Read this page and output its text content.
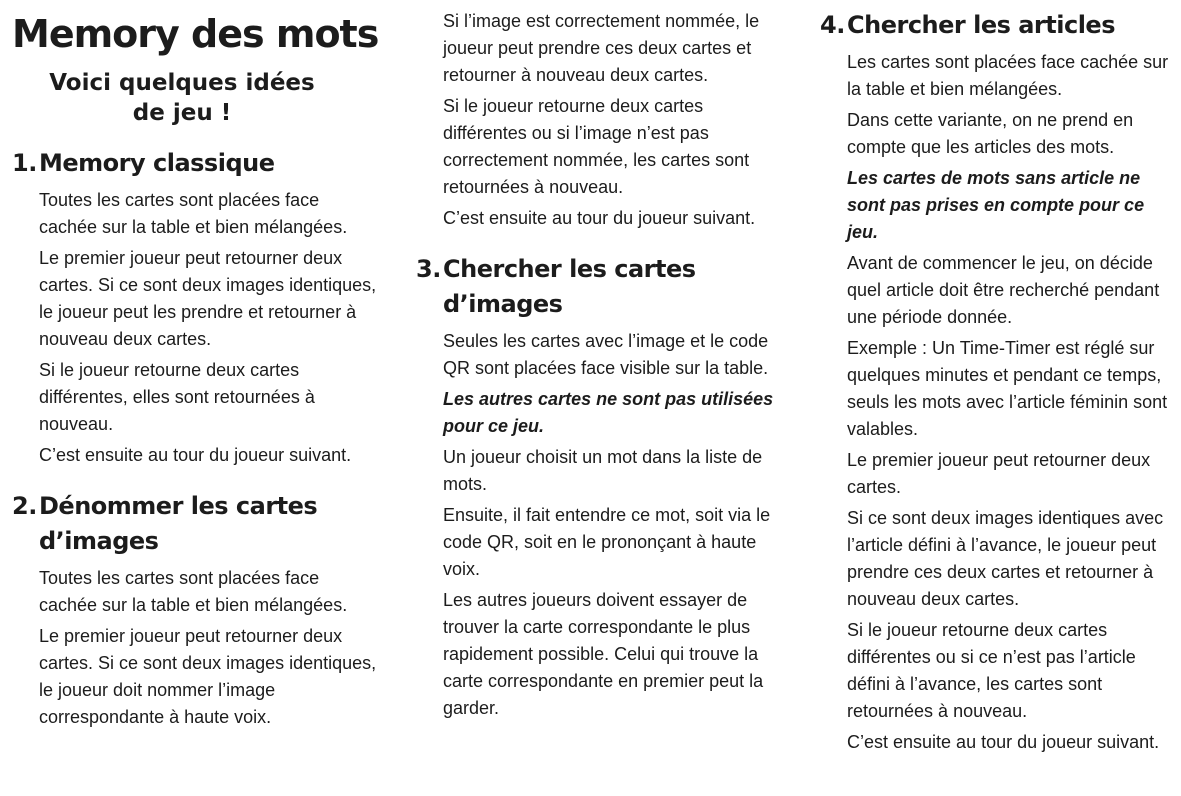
Memory des mots
Voici quelques idées
de jeu !
1. Memory classique

Toutes les cartes sont placées face cachée sur la table et bien mélangées.

Le premier joueur peut retourner deux cartes. Si ce sont deux images identiques, le joueur peut les prendre et retourner à nouveau deux cartes.

Si le joueur retourne deux cartes différentes, elles sont retournées à nouveau.

C’est ensuite au tour du joueur suivant.

2. Dénommer les cartes d’images

Toutes les cartes sont placées face cachée sur la table et bien mélangées.

Le premier joueur peut retourner deux cartes. Si ce sont deux images identiques, le joueur doit nommer l’image correspondante à haute voix.

Si l’image est correctement nommée, le joueur peut prendre ces deux cartes et retourner à nouveau deux cartes.

Si le joueur retourne deux cartes différentes ou si l’image n’est pas correctement nommée, les cartes sont retournées à nouveau.

C’est ensuite au tour du joueur suivant.

3. Chercher les cartes d’images

Seules les cartes avec l’image et le code QR sont placées face visible sur la table.

Les autres cartes ne sont pas utilisées pour ce jeu.

Un joueur choisit un mot dans la liste de mots.

Ensuite, il fait entendre ce mot, soit via le code QR, soit en le prononçant à haute voix.

Les autres joueurs doivent essayer de trouver la carte correspondante le plus rapidement possible. Celui qui trouve la carte correspondante en premier peut la garder.

4. Chercher les articles

Les cartes sont placées face cachée sur la table et bien mélangées.

Dans cette variante, on ne prend en compte que les articles des mots.

Les cartes de mots sans article ne sont pas prises en compte pour ce jeu.

Avant de commencer le jeu, on décide quel article doit être recherché pendant une période donnée.

Exemple : Un Time-Timer est réglé sur quelques minutes et pendant ce temps, seuls les mots avec l’article féminin sont valables.

Le premier joueur peut retourner deux cartes.

Si ce sont deux images identiques avec l’article défini à l’avance, le joueur peut prendre ces deux cartes et retourner à nouveau deux cartes.

Si le joueur retourne deux cartes différentes ou si ce n’est pas l’article défini à l’avance, les cartes sont retournées à nouveau.

C’est ensuite au tour du joueur suivant.
